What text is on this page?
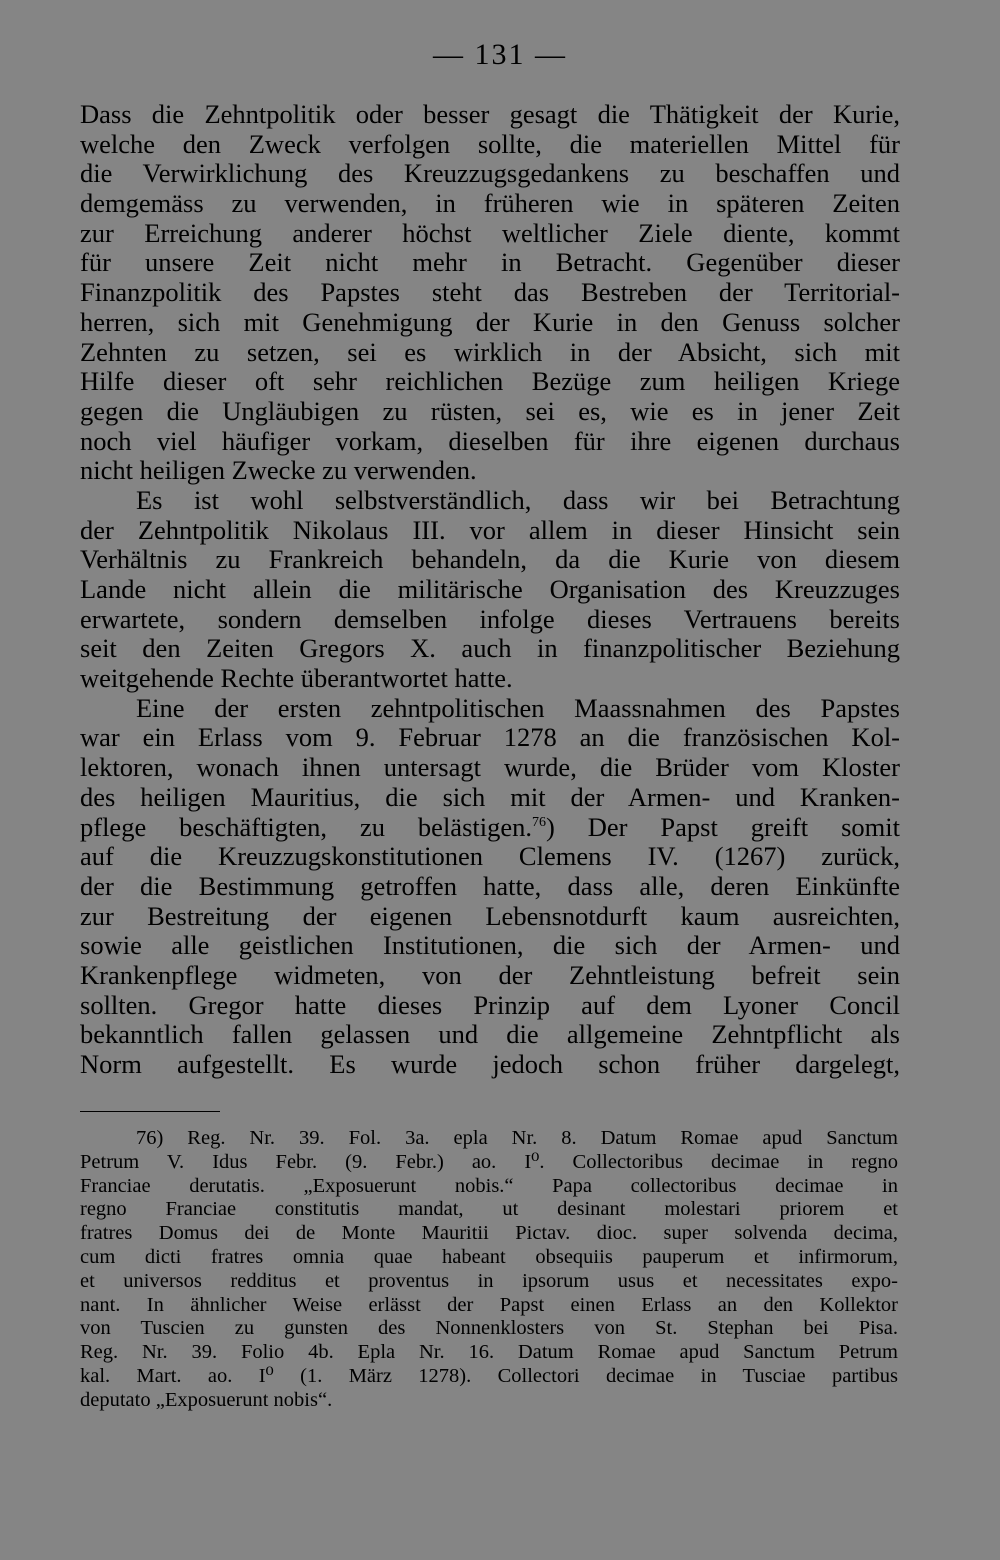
— 131 —
Dass die Zehntpolitik oder besser gesagt die Thätigkeit der Kurie,
welche den Zweck verfolgen sollte, die materiellen Mittel für
die Verwirklichung des Kreuzzugsgedankens zu beschaffen und
demgemäss zu verwenden, in früheren wie in späteren Zeiten
zur Erreichung anderer höchst weltlicher Ziele diente, kommt
für unsere Zeit nicht mehr in Betracht. Gegenüber dieser
Finanzpolitik des Papstes steht das Bestreben der Territorial-
herren, sich mit Genehmigung der Kurie in den Genuss solcher
Zehnten zu setzen, sei es wirklich in der Absicht, sich mit
Hilfe dieser oft sehr reichlichen Bezüge zum heiligen Kriege
gegen die Ungläubigen zu rüsten, sei es, wie es in jener Zeit
noch viel häufiger vorkam, dieselben für ihre eigenen durchaus
nicht heiligen Zwecke zu verwenden.
Es ist wohl selbstverständlich, dass wir bei Betrachtung
der Zehntpolitik Nikolaus III. vor allem in dieser Hinsicht sein
Verhältnis zu Frankreich behandeln, da die Kurie von diesem
Lande nicht allein die militärische Organisation des Kreuzzuges
erwartete, sondern demselben infolge dieses Vertrauens bereits
seit den Zeiten Gregors X. auch in finanzpolitischer Beziehung
weitgehende Rechte überantwortet hatte.
Eine der ersten zehntpolitischen Maassnahmen des Papstes
war ein Erlass vom 9. Februar 1278 an die französischen Kol-
lektoren, wonach ihnen untersagt wurde, die Brüder vom Kloster
des heiligen Mauritius, die sich mit der Armen- und Kranken-
pflege beschäftigten, zu belästigen.$^{76}$) Der Papst greift somit
auf die Kreuzzugskonstitutionen Clemens IV. (1267) zurück,
der die Bestimmung getroffen hatte, dass alle, deren Einkünfte
zur Bestreitung der eigenen Lebensnotdurft kaum ausreichten,
sowie alle geistlichen Institutionen, die sich der Armen- und
Krankenpflege widmeten, von der Zehntleistung befreit sein
sollten. Gregor hatte dieses Prinzip auf dem Lyoner Concil
bekanntlich fallen gelassen und die allgemeine Zehntpflicht als
Norm aufgestellt. Es wurde jedoch schon früher dargelegt,
76) Reg. Nr. 39. Fol. 3a. epla Nr. 8. Datum Romae apud Sanctum
Petrum V. Idus Febr. (9. Febr.) ao. I⁰. Collectoribus decimae in regno
Franciae derutatis. „Exposuerunt nobis.“ Papa collectoribus decimae in
regno Franciae constitutis mandat, ut desinant molestari priorem et
fratres Domus dei de Monte Mauritii Pictav. dioc. super solvenda decima,
cum dicti fratres omnia quae habeant obsequiis pauperum et infirmorum,
et universos redditus et proventus in ipsorum usus et necessitates expo-
nant. In ähnlicher Weise erlässt der Papst einen Erlass an den Kollektor
von Tuscien zu gunsten des Nonnenklosters von St. Stephan bei Pisa.
Reg. Nr. 39. Folio 4b. Epla Nr. 16. Datum Romae apud Sanctum Petrum
kal. Mart. ao. I⁰ (1. März 1278). Collectori decimae in Tusciae partibus
deputato „Exposuerunt nobis“.
